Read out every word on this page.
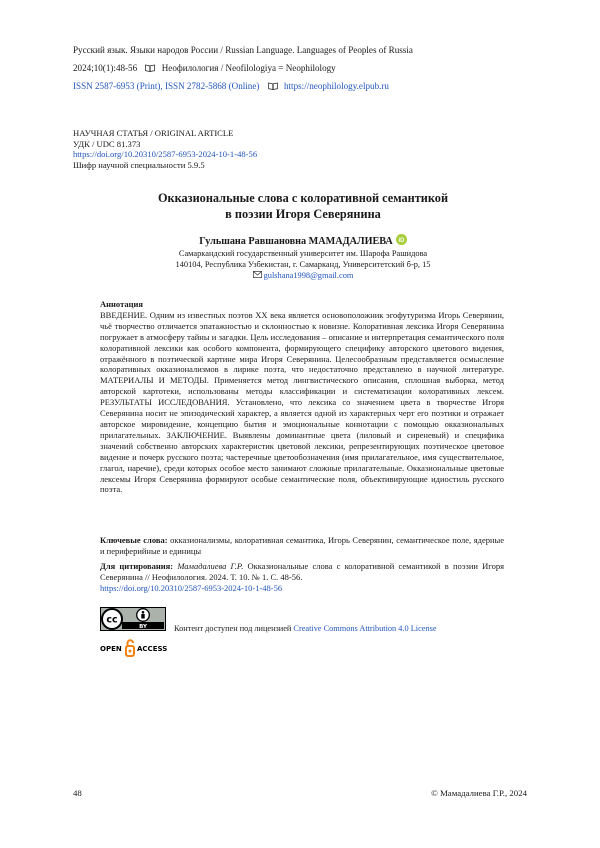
Русский язык. Языки народов России / Russian Language. Languages of Peoples of Russia
2024;10(1):48-56	Неофилология / Neofilologiya = Neophilology
ISSN 2587-6953 (Print), ISSN 2782-5868 (Online)	https://neophilology.elpub.ru
НАУЧНАЯ СТАТЬЯ / ORIGINAL ARTICLE
УДК / UDC 81.373
https://doi.org/10.20310/2587-6953-2024-10-1-48-56
Шифр научной специальности 5.9.5
Окказиональные слова с колоративной семантикой
в поэзии Игоря Северянина
Гульшана Равшановна МАМАДАЛИЕВА iD
Самаркандский государственный университет им. Шарофа Рашидова
140104, Республика Узбекистан, г. Самарканд, Университетский б-р, 15
gulshana1998@gmail.com
Аннотация

ВВЕДЕНИЕ. Одним из известных поэтов XX века является основоположник эгофутуризма Игорь Северянин, чьё творчество отличается эпатажностью и склонностью к новизне. Колоративная лексика Игоря Северянина погружает в атмосферу тайны и загадки. Цель исследования – описание и интерпретация семантического поля колоративной лексики как особого компонента, формирующего специфику авторского цветового видения, отражённого в поэтической картине мира Игоря Северянина. Целесообразным представляется осмысление колоративных окказионализмов в лирике поэта, что недостаточно представлено в научной литературе. МАТЕРИАЛЫ И МЕТОДЫ. Применяется метод лингвистического описания, сплошная выборка, метод авторской картотеки, использованы методы классификации и систематизации колоративных лексем. РЕЗУЛЬТАТЫ ИССЛЕДОВАНИЯ. Установлено, что лексика со значением цвета в творчестве Игоря Северянина носит не эпизодический характер, а является одной из характерных черт его поэтики и отражает авторское мировидение, концепцию бытия и эмоциональные коннотации с помощью окказиональных прилагательных. ЗАКЛЮЧЕНИЕ. Выявлены доминантные цвета (лиловый и сиреневый) и специфика значений собственно авторских характеристик цветовой лексики, репрезентирующих поэтическое цветовое видение и почерк русского поэта; частеречные цветообозначения (имя прилагательное, имя существительное, глагол, наречие), среди которых особое место занимают сложные прилагательные. Окказиональные цветовые лексемы Игоря Северянина формируют особые семантические поля, объективирующие идиостиль русского поэта.

Ключевые слова: окказионализмы, колоративная семантика, Игорь Северянин, семантическое поле, ядерные и периферийные и единицы
Для цитирования: Мамадалиева Г.Р. Окказиональные слова с колоративной семантикой в поэзии Игоря Северянина // Неофилология. 2024. Т. 10. № 1. С. 48-56.
https://doi.org/10.20310/2587-6953-2024-10-1-48-56
cc
BY	Контент доступен под лицензией Creative Commons Attribution 4.0 License
OPEN ACCESS
48	© Мамадалиева Г.Р., 2024
